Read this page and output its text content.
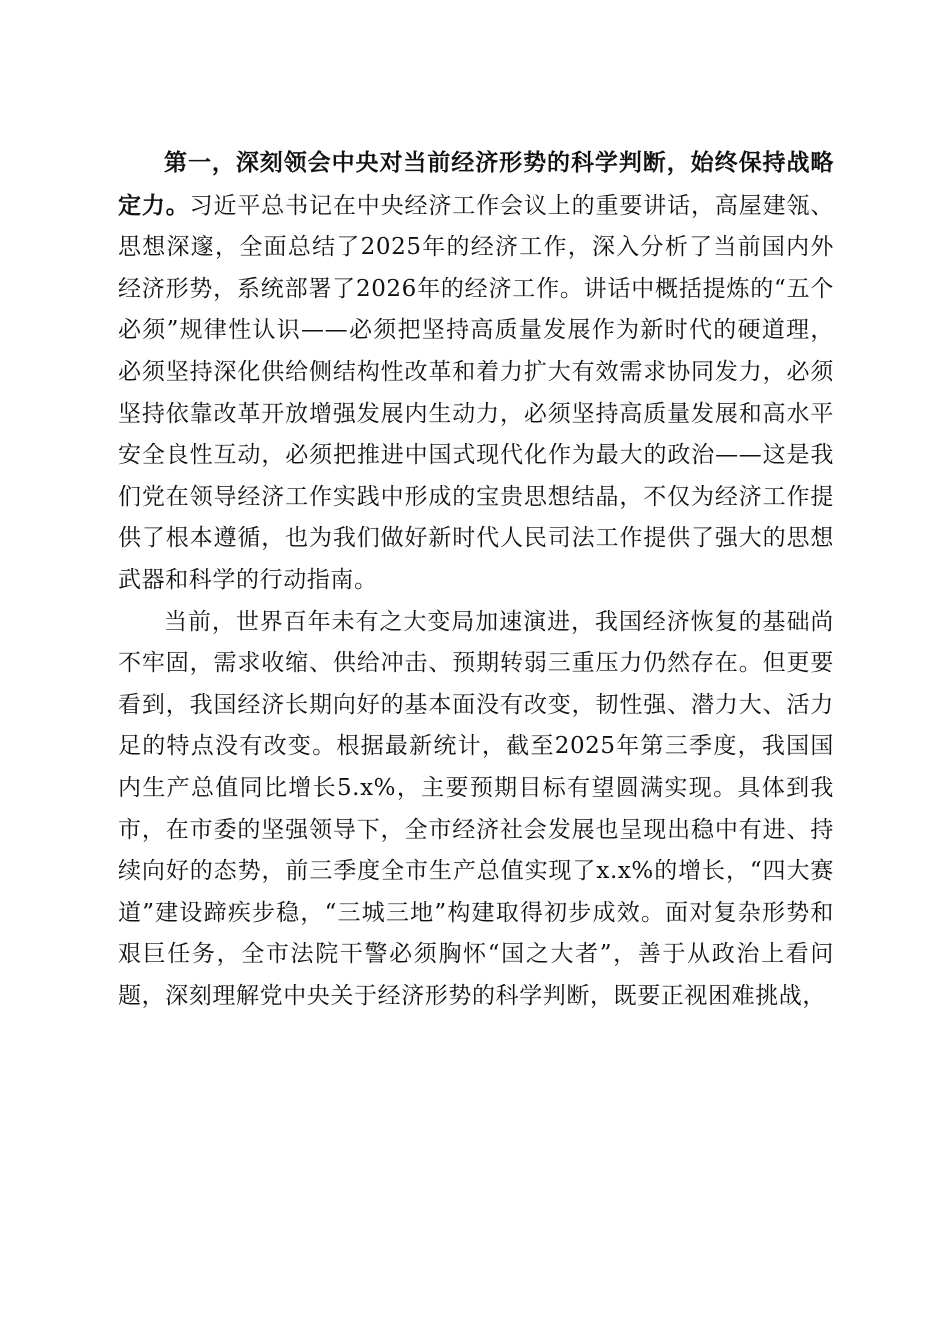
第一，深刻领会中央对当前经济形势的科学判断，始终保持战略定力。习近平总书记在中央经济工作会议上的重要讲话，高屋建瓴、思想深邃，全面总结了2025年的经济工作，深入分析了当前国内外经济形势，系统部署了2026年的经济工作。讲话中概括提炼的“五个必须”规律性认识——必须把坚持高质量发展作为新时代的硬道理，必须坚持深化供给侧结构性改革和着力扩大有效需求协同发力，必须坚持依靠改革开放增强发展内生动力，必须坚持高质量发展和高水平安全良性互动，必须把推进中国式现代化作为最大的政治——这是我们党在领导经济工作实践中形成的宝贵思想结晶，不仅为经济工作提供了根本遵循，也为我们做好新时代人民司法工作提供了强大的思想武器和科学的行动指南。

当前，世界百年未有之大变局加速演进，我国经济恢复的基础尚不牢固，需求收缩、供给冲击、预期转弱三重压力仍然存在。但更要看到，我国经济长期向好的基本面没有改变，韧性强、潜力大、活力足的特点没有改变。根据最新统计，截至2025年第三季度，我国国内生产总值同比增长5.x%，主要预期目标有望圆满实现。具体到我市，在市委的坚强领导下，全市经济社会发展也呈现出稳中有进、持续向好的态势，前三季度全市生产总值实现了x.x%的增长，“四大赛道”建设蹄疾步稳，“三城三地”构建取得初步成效。面对复杂形势和艰巨任务，全市法院干警必须胸怀“国之大者”，善于从政治上看问题，深刻理解党中央关于经济形势的科学判断，既要正视困难挑战，
